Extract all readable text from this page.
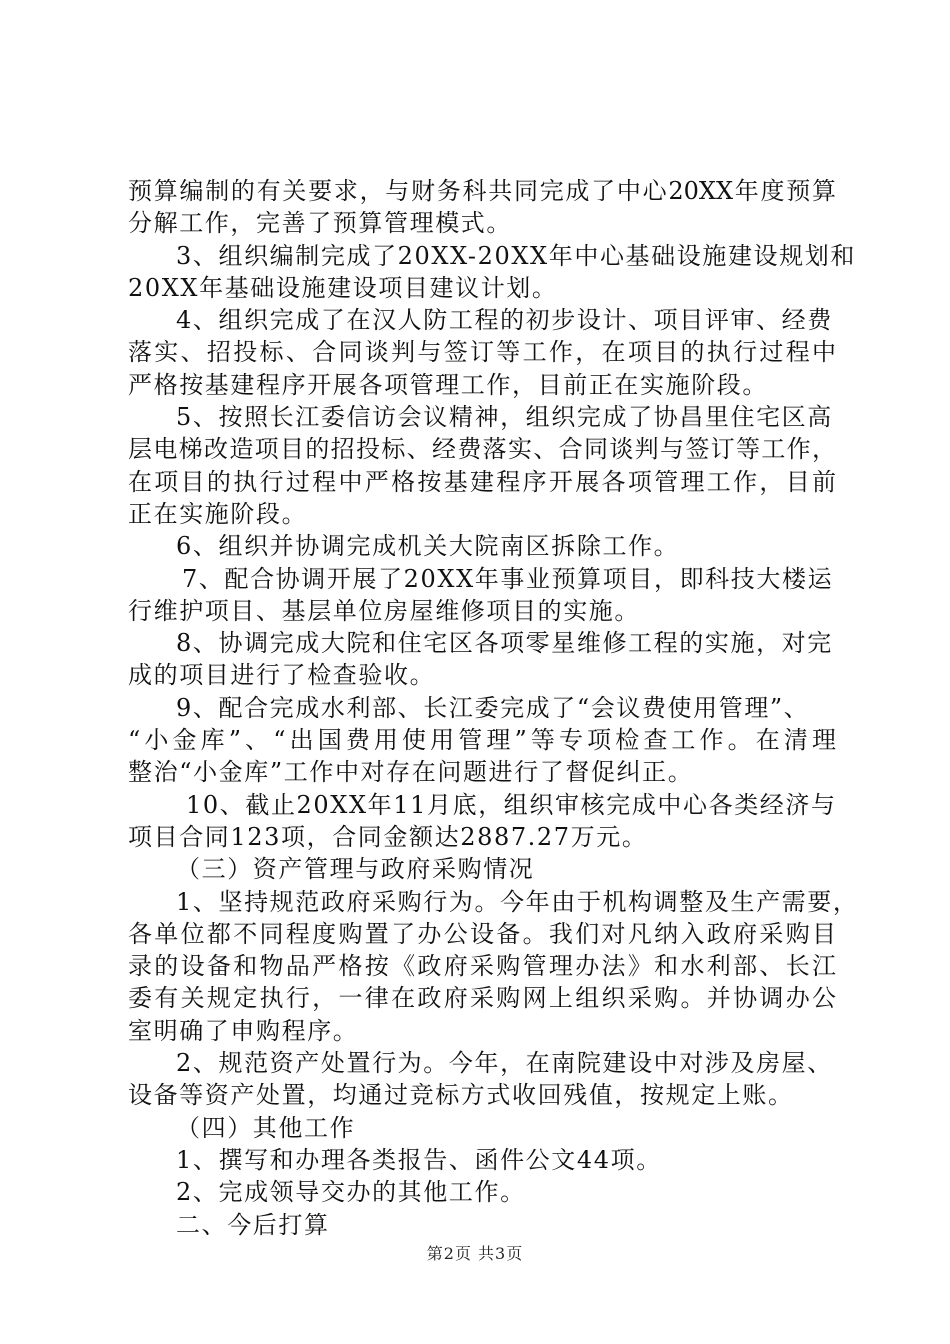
预算编制的有关要求，与财务科共同完成了中心20XX年度预算
分解工作，完善了预算管理模式。
3、组织编制完成了20XX-20XX年中心基础设施建设规划和
20XX年基础设施建设项目建议计划。
4、组织完成了在汉人防工程的初步设计、项目评审、经费
落实、招投标、合同谈判与签订等工作，在项目的执行过程中
严格按基建程序开展各项管理工作，目前正在实施阶段。
5、按照长江委信访会议精神，组织完成了协昌里住宅区高
层电梯改造项目的招投标、经费落实、合同谈判与签订等工作，
在项目的执行过程中严格按基建程序开展各项管理工作，目前
正在实施阶段。
6、组织并协调完成机关大院南区拆除工作。
7、配合协调开展了20XX年事业预算项目，即科技大楼运
行维护项目、基层单位房屋维修项目的实施。
8、协调完成大院和住宅区各项零星维修工程的实施，对完
成的项目进行了检查验收。
9、配合完成水利部、长江委完成了“会议费使用管理”、
“小金库”、“出国费用使用管理”等专项检查工作。在清理
整治“小金库”工作中对存在问题进行了督促纠正。
10、截止20XX年11月底，组织审核完成中心各类经济与
项目合同123项，合同金额达2887.27万元。
（三）资产管理与政府采购情况
1、坚持规范政府采购行为。今年由于机构调整及生产需要，
各单位都不同程度购置了办公设备。我们对凡纳入政府采购目
录的设备和物品严格按《政府采购管理办法》和水利部、长江
委有关规定执行，一律在政府采购网上组织采购。并协调办公
室明确了申购程序。
2、规范资产处置行为。今年，在南院建设中对涉及房屋、
设备等资产处置，均通过竞标方式收回残值，按规定上账。
（四）其他工作
1、撰写和办理各类报告、函件公文44项。
2、完成领导交办的其他工作。
二、今后打算
第2页 共3页
